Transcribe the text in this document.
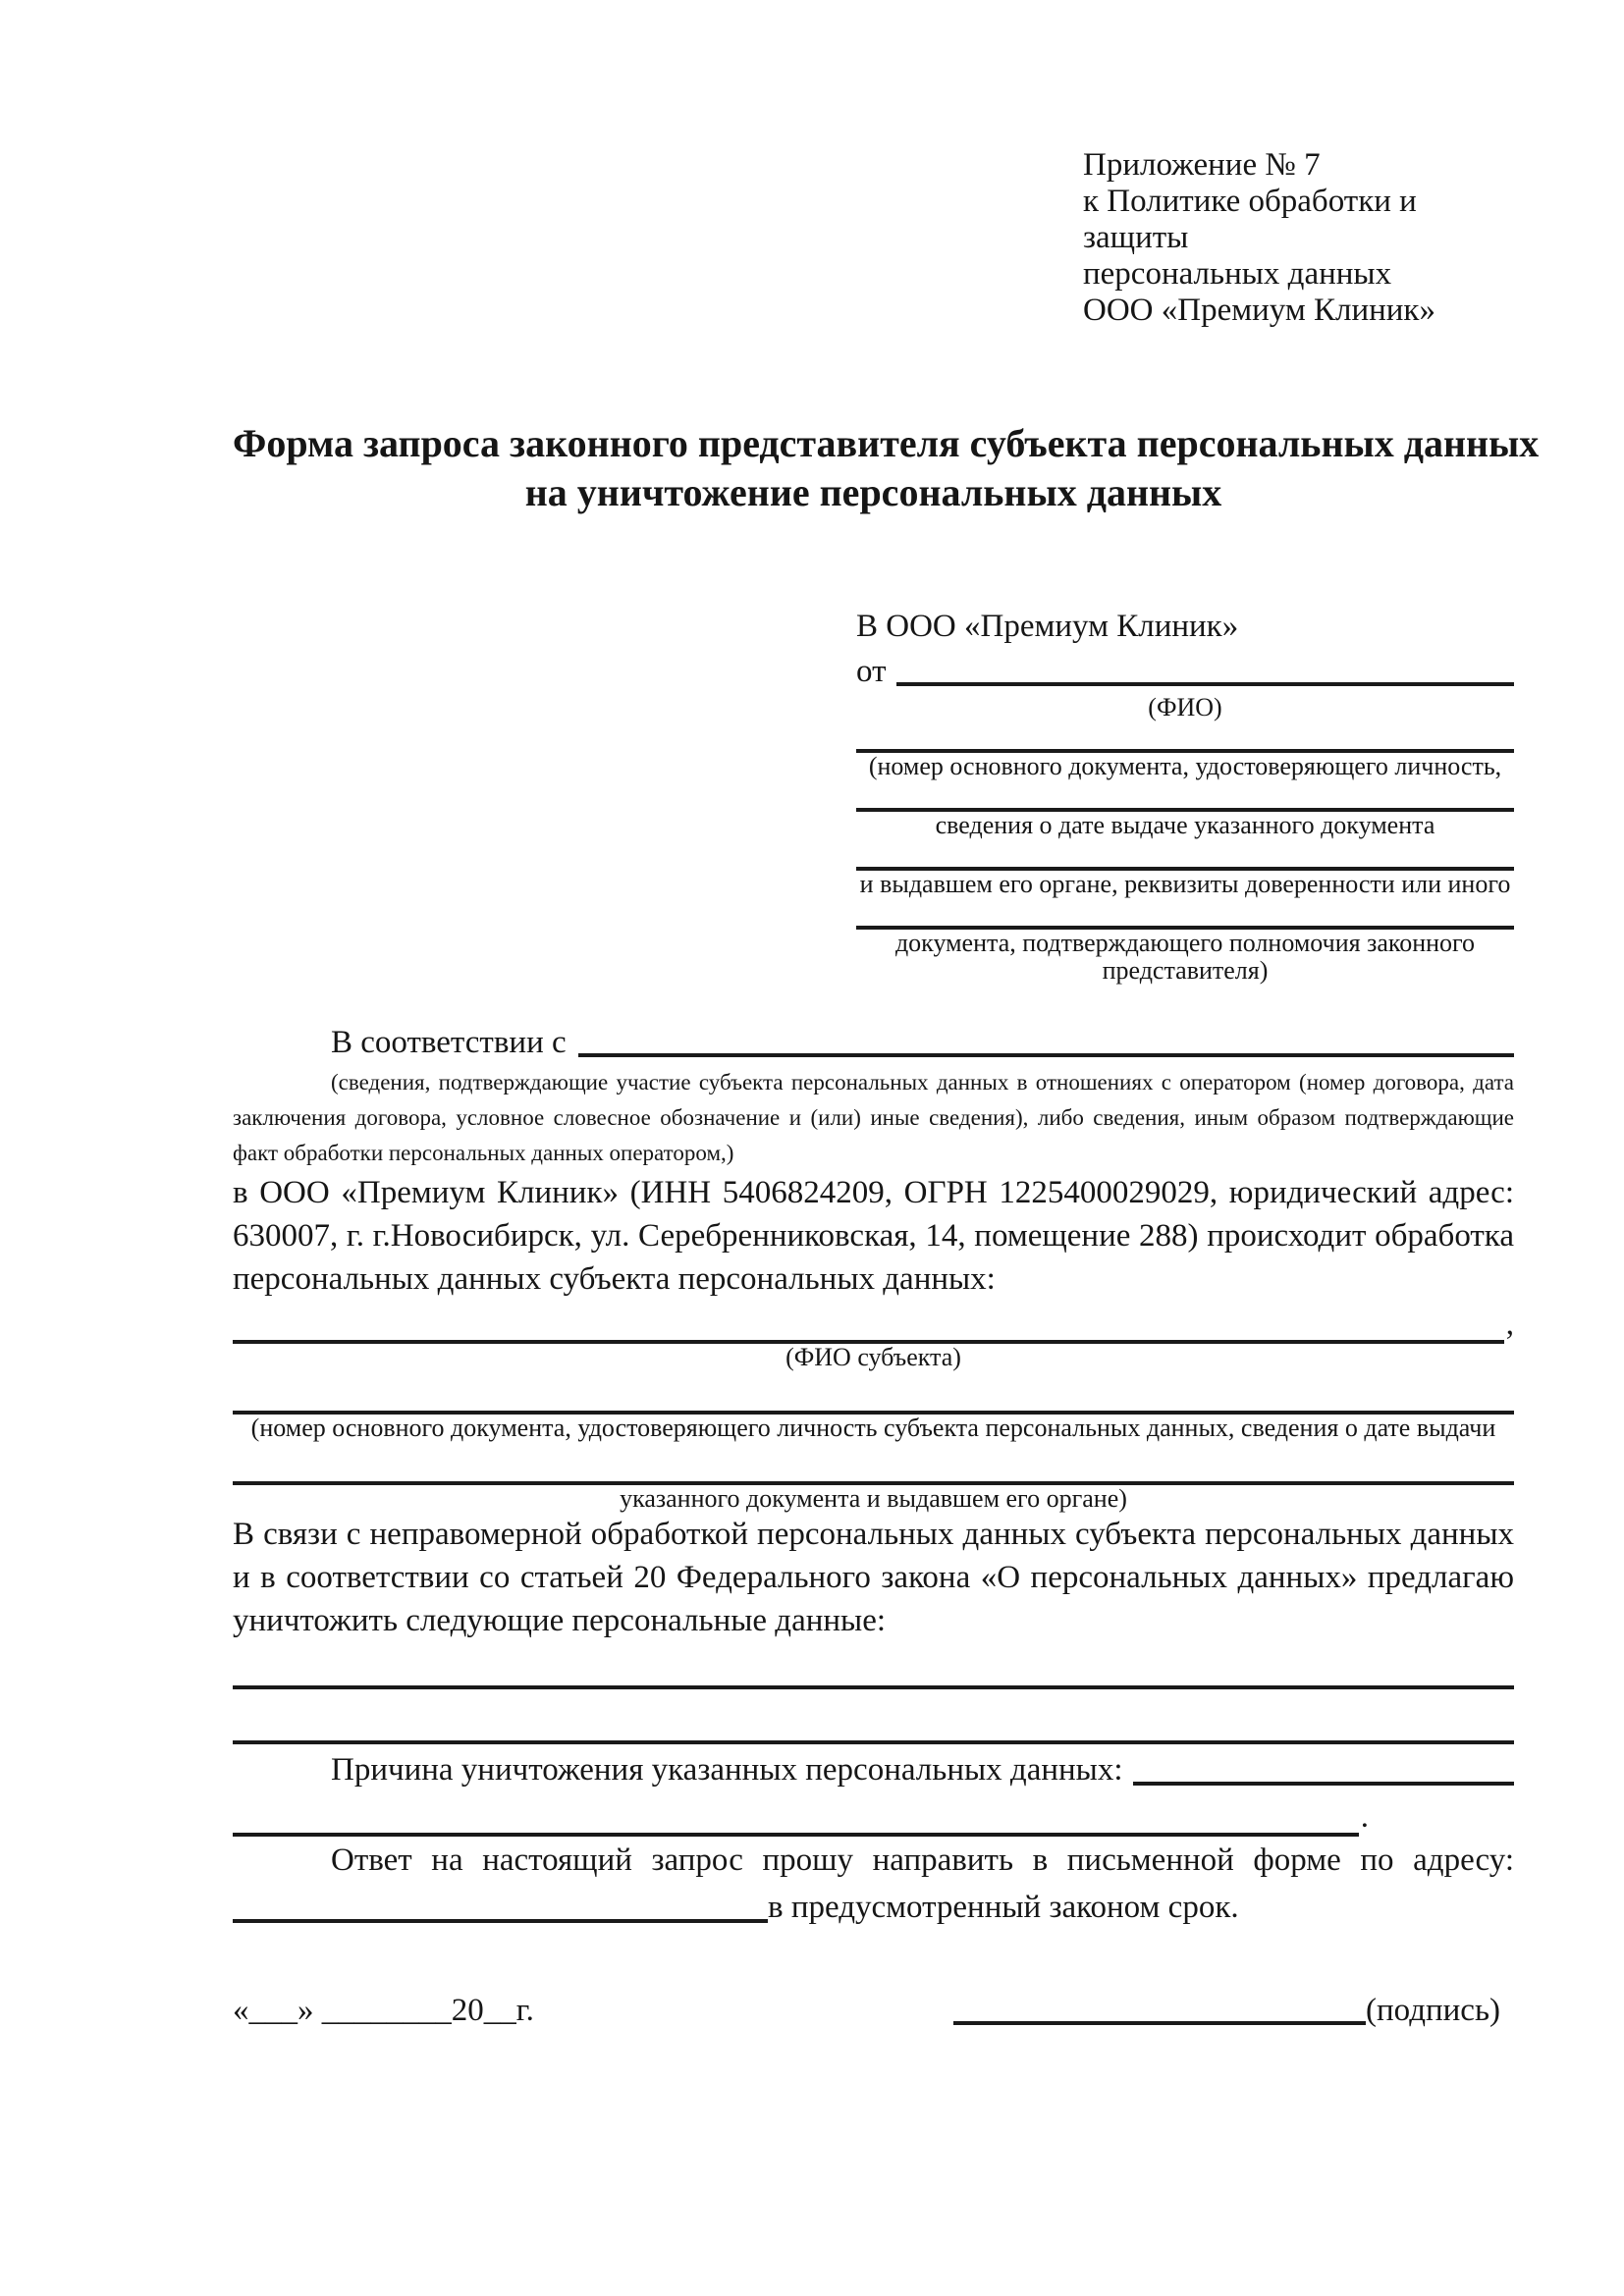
Приложение № 7
к Политике обработки и защиты
персональных данных
ООО «Премиум Клиник»
Форма запроса законного представителя субъекта персональных данных
на уничтожение персональных данных
В ООО «Премиум Клиник»
от
(ФИО)
(номер основного документа, удостоверяющего личность,
сведения о дате выдаче указанного документа
и выдавшем его органе, реквизиты доверенности или иного
документа, подтверждающего полномочия законного представителя)
В соответствии с
(сведения, подтверждающие участие субъекта персональных данных в отношениях с оператором (номер договора, дата заключения договора, условное словесное обозначение и (или) иные сведения), либо сведения, иным образом подтверждающие факт обработки персональных данных оператором,)

в ООО «Премиум Клиник» (ИНН 5406824209, ОГРН 1225400029029, юридический адрес: 630007, г. г.Новосибирск, ул. Серебренниковская, 14, помещение 288) происходит обработка персональных данных субъекта персональных данных:

,
(ФИО субъекта)
(номер основного документа, удостоверяющего личность субъекта персональных данных, сведения о дате выдачи
указанного документа и выдавшем его органе)

В связи с неправомерной обработкой персональных данных субъекта персональных данных и в соответствии со статьей 20 Федерального закона «О персональных данных» предлагаю уничтожить следующие персональные данные:

Причина уничтожения указанных персональных данных:
.
Ответ на настоящий запрос прошу направить в письменной форме по адресу:
в предусмотренный законом срок.
«___» ________20__г.	(подпись)
